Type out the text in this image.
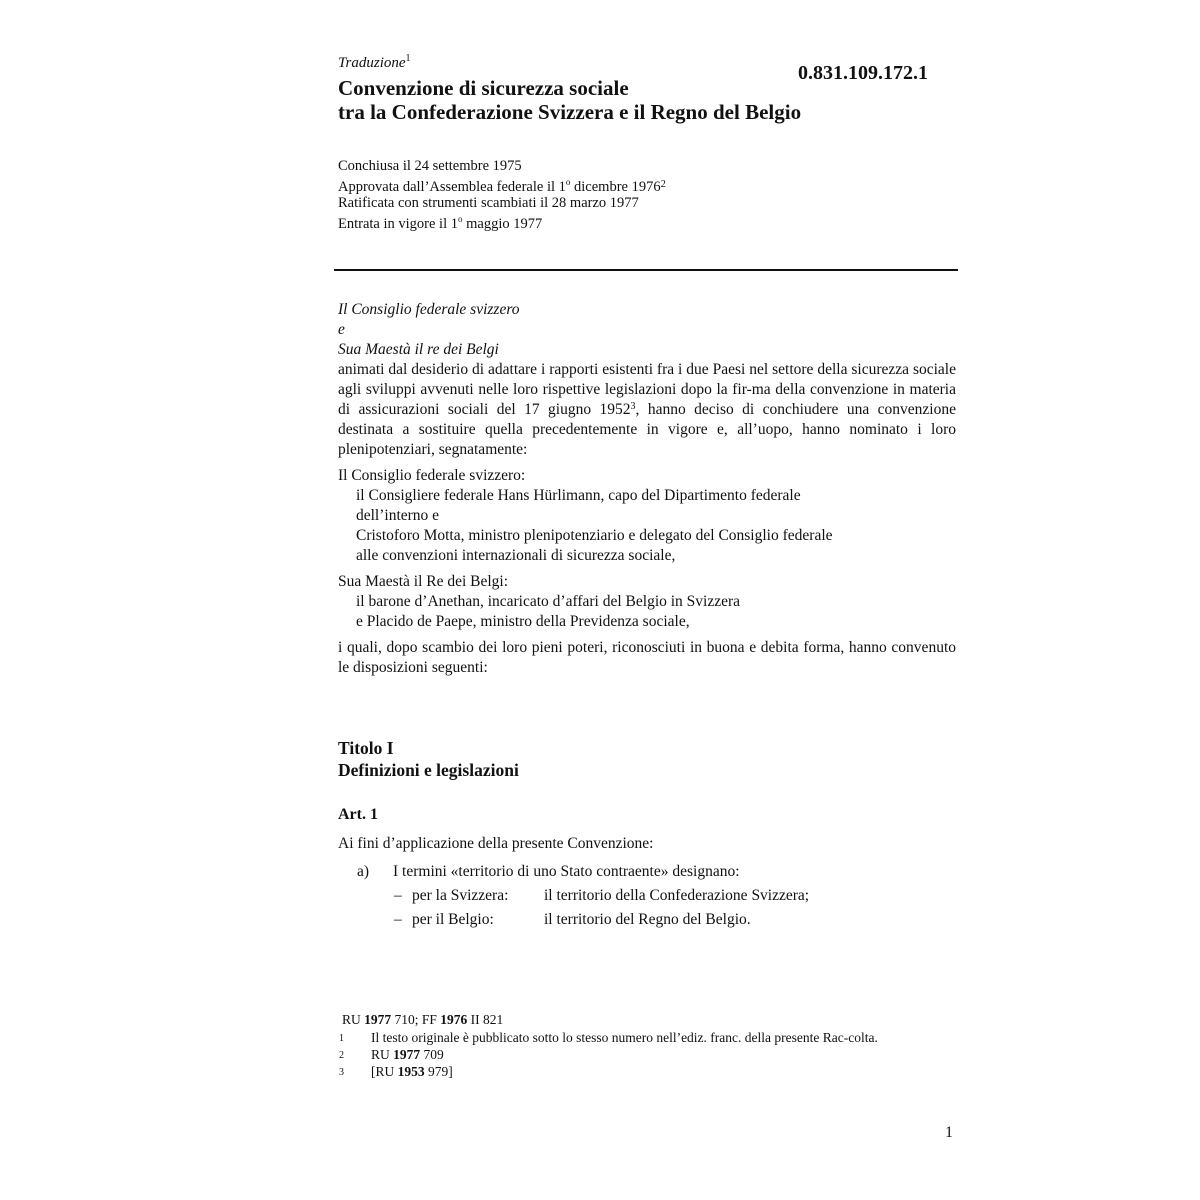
Traduzione$^1$
0.831.109.172.1
Convenzione di sicurezza sociale
tra la Confederazione Svizzera e il Regno del Belgio
Conchiusa il 24 settembre 1975
Approvata dall’Assemblea federale il 1$^o$ dicembre 1976$^2$
Ratificata con strumenti scambiati il 28 marzo 1977
Entrata in vigore il 1$^o$ maggio 1977
Il Consiglio federale svizzero
e
Sua Maestà il re dei Belgi
animati dal desiderio di adattare i rapporti esistenti fra i due Paesi nel settore della sicurezza sociale agli sviluppi avvenuti nelle loro rispettive legislazioni dopo la fir-ma della convenzione in materia di assicurazioni sociali del 17 giugno 1952$^3$, hanno deciso di conchiudere una convenzione destinata a sostituire quella precedentemente in vigore e, all’uopo, hanno nominato i loro plenipotenziari, segnatamente:
Il Consiglio federale svizzero:
il Consigliere federale Hans Hürlimann, capo del Dipartimento federale
dell’interno e
Cristoforo Motta, ministro plenipotenziario e delegato del Consiglio federale
alle convenzioni internazionali di sicurezza sociale,
Sua Maestà il Re dei Belgi:
il barone d’Anethan, incaricato d’affari del Belgio in Svizzera
e Placido de Paepe, ministro della Previdenza sociale,
i quali, dopo scambio dei loro pieni poteri, riconosciuti in buona e debita forma, hanno convenuto le disposizioni seguenti:
Titolo I
Definizioni e legislazioni
Art. 1
Ai fini d’applicazione della presente Convenzione:
a) I termini «territorio di uno Stato contraente» designano:
– per la Svizzera: il territorio della Confederazione Svizzera;
– per il Belgio:	il territorio del Regno del Belgio.
RU 1977 710; FF 1976 II 821
1	Il testo originale è pubblicato sotto lo stesso numero nell’ediz. franc. della presente Rac-colta.
2	RU 1977 709
3	[RU 1953 979]
1
